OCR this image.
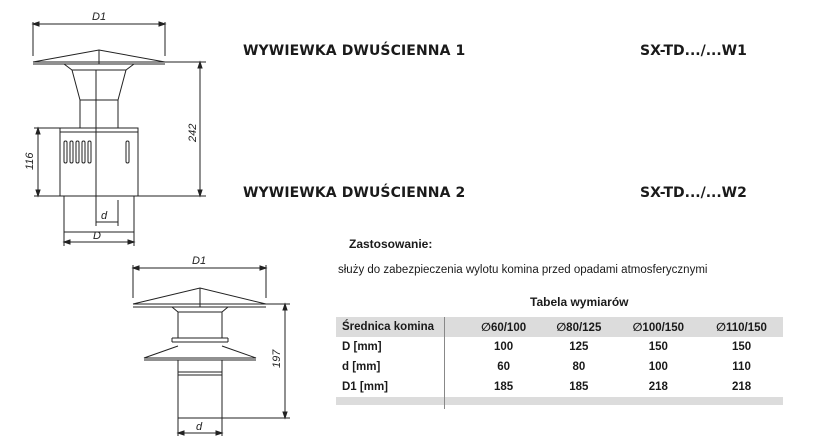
D1
242
116
d
D
D1
197
d
WYWIEWKA DWUŚCIENNA 1	SX-TD.../...W1
WYWIEWKA DWUŚCIENNA 2	SX-TD.../...W2
Zastosowanie:
służy do zabezpieczenia wylotu komina przed opadami atmosferycznymi
Tabela wymiarów
Średnica komina	∅60/100	∅80/125	∅100/150	∅110/150
D [mm]	100	125	150	150
d [mm]	60	80	100	110
D1 [mm]	185	185	218	218
